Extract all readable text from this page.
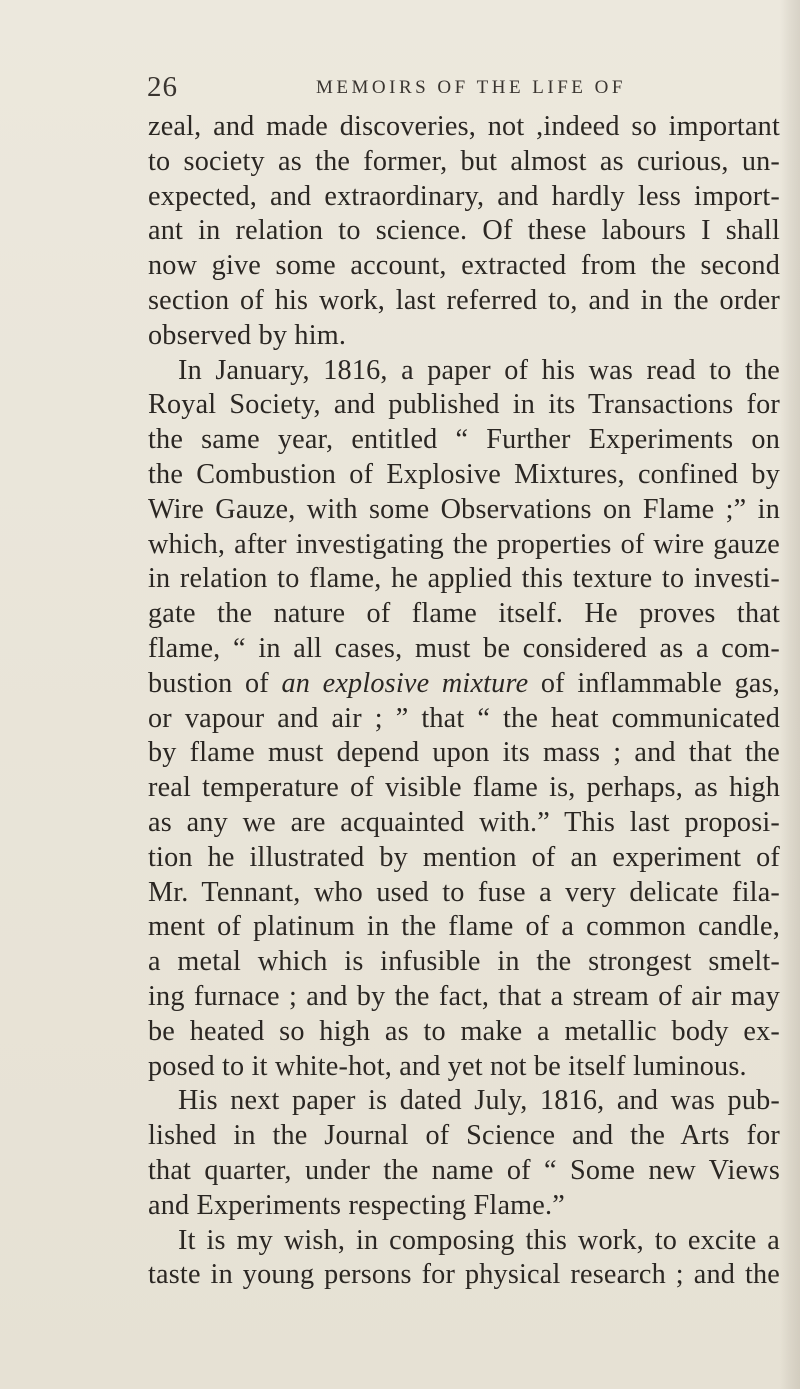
26	MEMOIRS OF THE LIFE OF
zeal, and made discoveries, not ,indeed so important
to society as the former, but almost as curious, un-
expected, and extraordinary, and hardly less import-
ant in relation to science. Of these labours I shall
now give some account, extracted from the second
section of his work, last referred to, and in the order
observed by him.
In January, 1816, a paper of his was read to the
Royal Society, and published in its Transactions for
the same year, entitled “ Further Experiments on
the Combustion of Explosive Mixtures, confined by
Wire Gauze, with some Observations on Flame ;” in
which, after investigating the properties of wire gauze
in relation to flame, he applied this texture to investi-
gate the nature of flame itself. He proves that
flame, “ in all cases, must be considered as a com-
bustion of an explosive mixture of inflammable gas,
or vapour and air ; ” that “ the heat communicated
by flame must depend upon its mass ; and that the
real temperature of visible flame is, perhaps, as high
as any we are acquainted with.” This last proposi-
tion he illustrated by mention of an experiment of
Mr. Tennant, who used to fuse a very delicate fila-
ment of platinum in the flame of a common candle,
a metal which is infusible in the strongest smelt-
ing furnace ; and by the fact, that a stream of air may
be heated so high as to make a metallic body ex-
posed to it white-hot, and yet not be itself luminous.
His next paper is dated July, 1816, and was pub-
lished in the Journal of Science and the Arts for
that quarter, under the name of “ Some new Views
and Experiments respecting Flame.”
It is my wish, in composing this work, to excite a
taste in young persons for physical research ; and the
